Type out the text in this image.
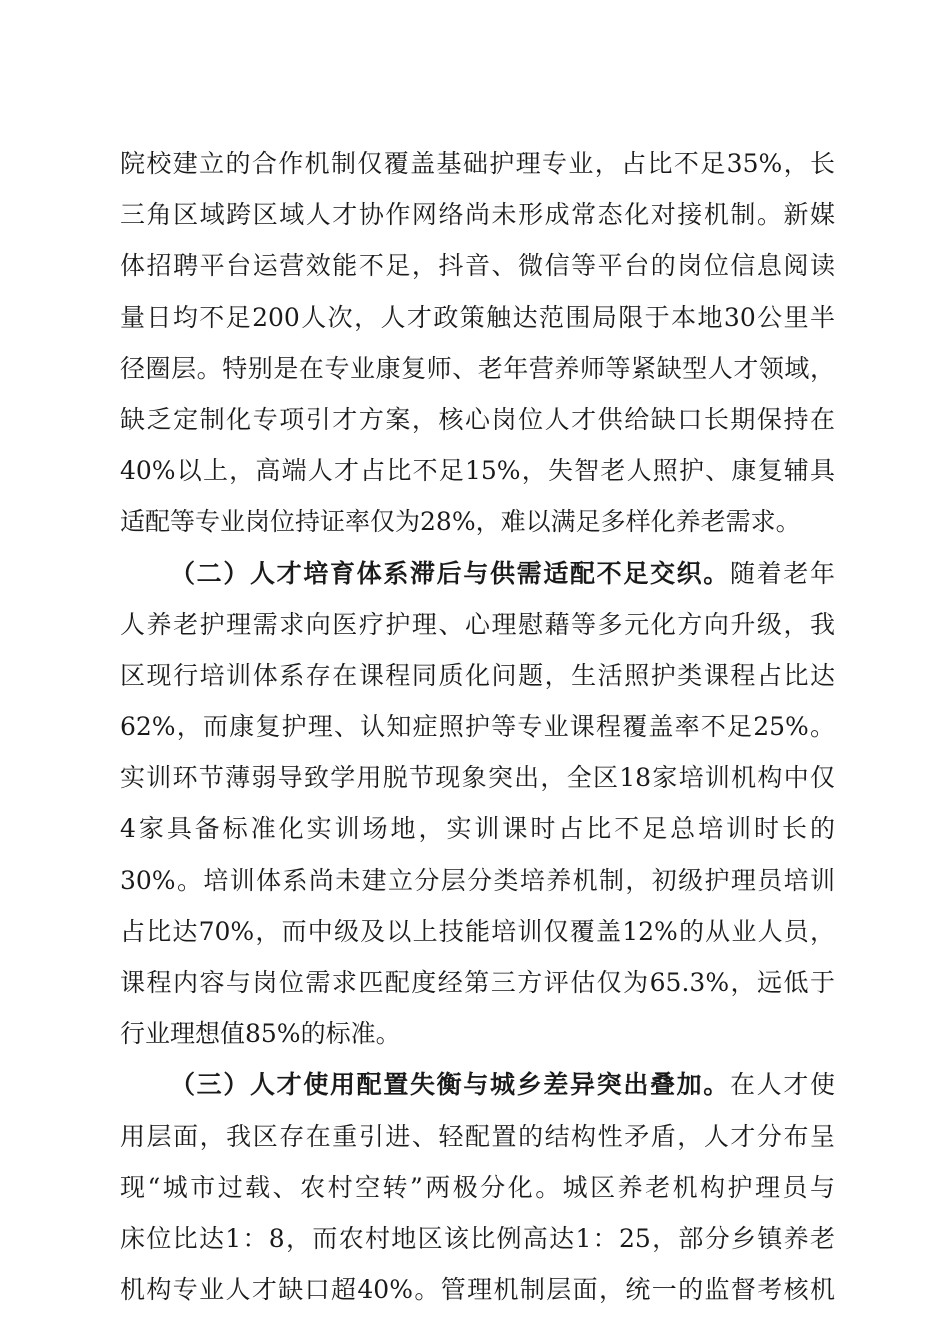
院校建立的合作机制仅覆盖基础护理专业，占比不足35%，长
三角区域跨区域人才协作网络尚未形成常态化对接机制。新媒
体招聘平台运营效能不足，抖音、微信等平台的岗位信息阅读
量日均不足200人次，人才政策触达范围局限于本地30公里半
径圈层。特别是在专业康复师、老年营养师等紧缺型人才领域，
缺乏定制化专项引才方案，核心岗位人才供给缺口长期保持在
40%以上，高端人才占比不足15%，失智老人照护、康复辅具
适配等专业岗位持证率仅为28%，难以满足多样化养老需求。
（二）人才培育体系滞后与供需适配不足交织。随着老年
人养老护理需求向医疗护理、心理慰藉等多元化方向升级，我
区现行培训体系存在课程同质化问题，生活照护类课程占比达
62%，而康复护理、认知症照护等专业课程覆盖率不足25%。
实训环节薄弱导致学用脱节现象突出，全区18家培训机构中仅
4家具备标准化实训场地，实训课时占比不足总培训时长的
30%。培训体系尚未建立分层分类培养机制，初级护理员培训
占比达70%，而中级及以上技能培训仅覆盖12%的从业人员，
课程内容与岗位需求匹配度经第三方评估仅为65.3%，远低于
行业理想值85%的标准。
（三）人才使用配置失衡与城乡差异突出叠加。在人才使
用层面，我区存在重引进、轻配置的结构性矛盾，人才分布呈
现“城市过载、农村空转”两极分化。城区养老机构护理员与
床位比达1：8，而农村地区该比例高达1：25，部分乡镇养老
机构专业人才缺口超40%。管理机制层面，统一的监督考核机
